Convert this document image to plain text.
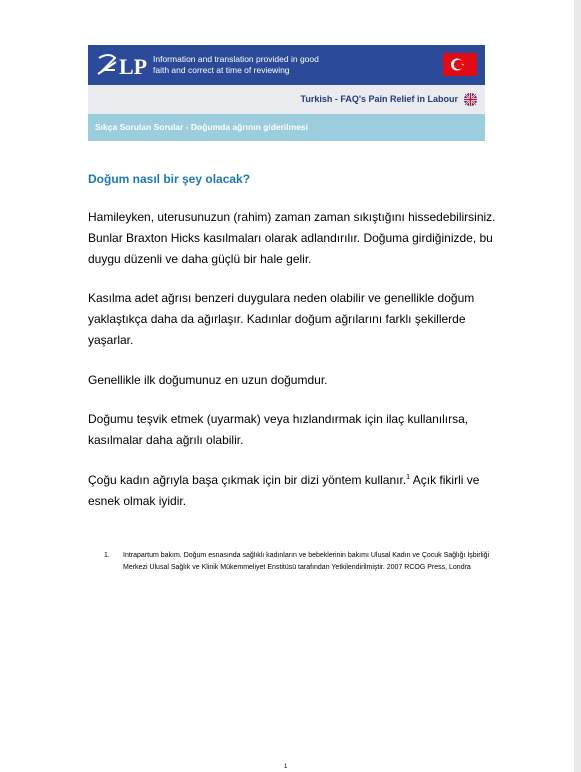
LP Information and translation provided in good
faith and correct at time of reviewing
Turkish - FAQ's Pain Relief in Labour
Sıkça Sorulan Sorular - Doğumda ağrının giderilmesi
Doğum nasıl bir şey olacak?
Hamileyken, uterusunuzun (rahim) zaman zaman sıkıştığını hissedebilirsiniz. Bunlar Braxton Hicks kasılmaları olarak adlandırılır. Doğuma girdiğinizde, bu duygu düzenli ve daha güçlü bir hale gelir.
Kasılma adet ağrısı benzeri duygulara neden olabilir ve genellikle doğum yaklaştıkça daha da ağırlaşır. Kadınlar doğum ağrılarını farklı şekillerde yaşarlar.
Genellikle ilk doğumunuz en uzun doğumdur.
Doğumu teşvik etmek (uyarmak) veya hızlandırmak için ilaç kullanılırsa, kasılmalar daha ağrılı olabilir.
Çoğu kadın ağrıyla başa çıkmak için bir dizi yöntem kullanır.$^1$ Açık fikirli ve esnek olmak iyidir.
1. Intrapartum bakım. Doğum esnasında sağlıklı kadınların ve bebeklerinin bakımı Ulusal Kadın ve Çocuk Sağlığı İşbirliği Merkezi Ulusal Sağlık ve Klinik Mükemmeliyet Enstitüsü tarafından Yetkilendirilmiştir. 2007 RCOG Press, Londra
1
